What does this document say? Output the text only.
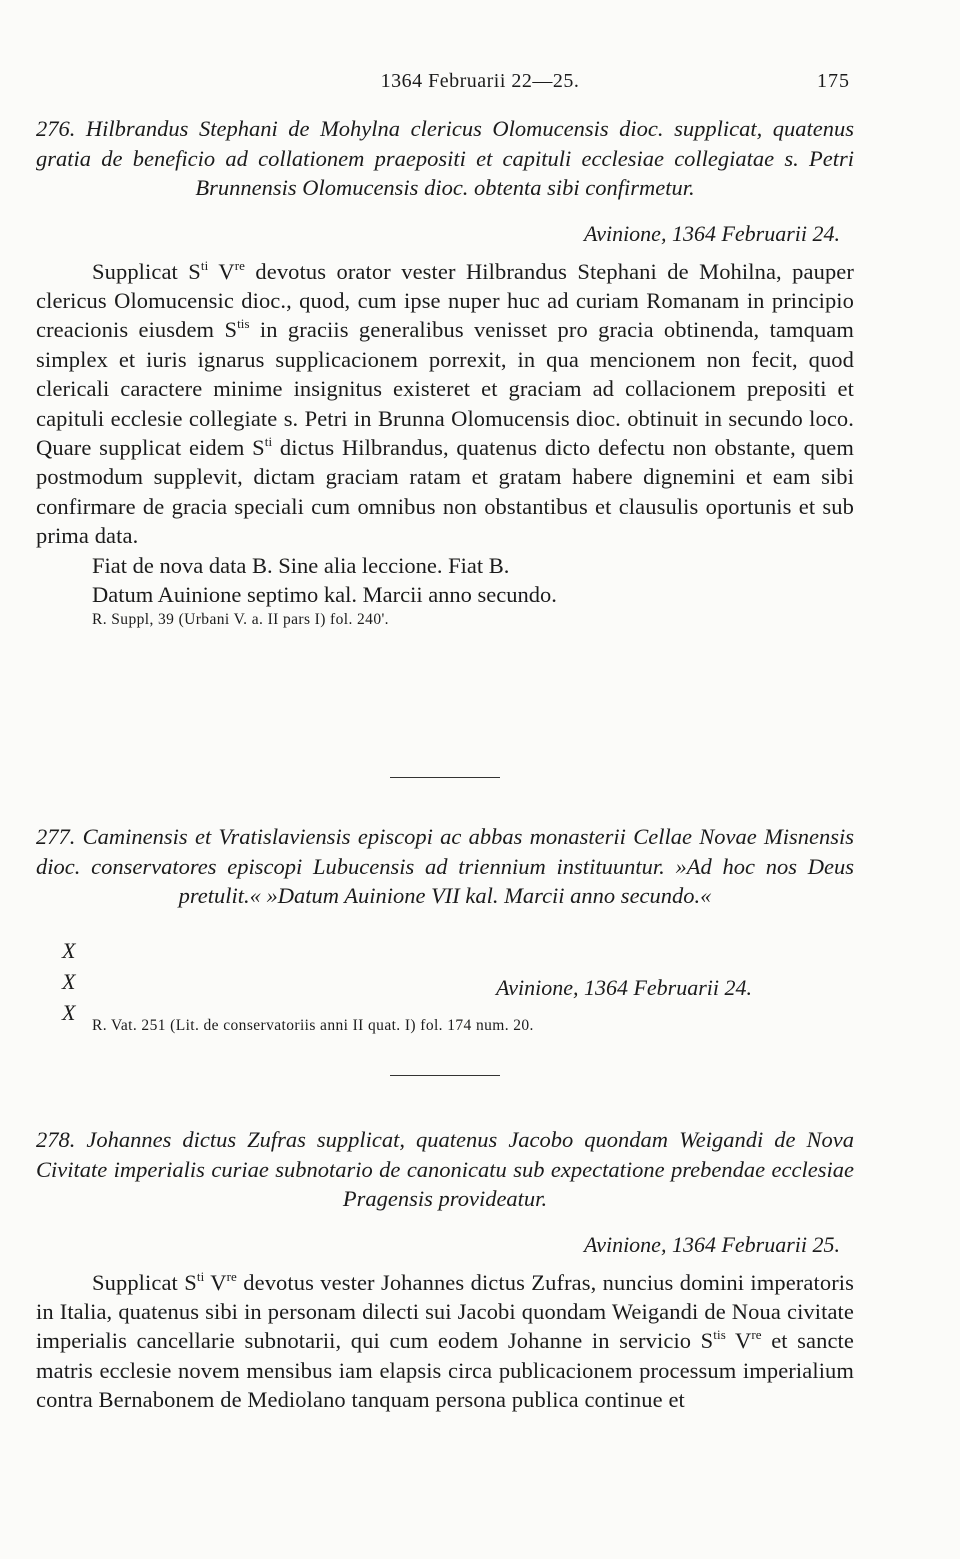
1364 Februarii 22—25.	175

276. Hilbrandus Stephani de Mohylna clericus Olomucensis dioc. supplicat, quatenus gratia de beneficio ad collationem praepositi et capituli ecclesiae collegiatae s. Petri Brunnensis Olomucensis dioc. obtenta sibi confirmetur.

Avinione, 1364 Februarii 24.

Supplicat $S^{ti}$ Vre devotus orator vester Hilbrandus Stephani de Mohilna, pauper clericus Olomucensic dioc., quod, cum ipse nuper huc ad curiam Romanam in principio creacionis eiusdem $S^{tis}$ in graciis generalibus venisset pro gracia obtinenda, tamquam simplex et iuris ignarus supplicacionem porrexit, in qua mencionem non fecit, quod clericali caractere minime insignitus existeret et graciam ad collacionem prepositi et capituli ecclesie collegiate s. Petri in Brunna Olomucensis dioc. obtinuit in secundo loco. Quare supplicat eidem $S^{ti}$ dictus Hilbrandus, quatenus dicto defectu non obstante, quem postmodum supplevit, dictam graciam ratam et gratam habere dignemini et eam sibi confirmare de gracia speciali cum omnibus non obstantibus et clausulis oportunis et sub prima data.

Fiat de nova data B. Sine alia leccione. Fiat B.

Datum Auinione septimo kal. Marcii anno secundo.

R. Suppl, 39 (Urbani V. a. II pars I) fol. 240'.

277. Caminensis et Vratislaviensis episcopi ac abbas monasterii Cellae Novae Misnensis dioc. conservatores episcopi Lubucensis ad triennium instituuntur. »Ad hoc nos Deus pretulit.« »Datum Auinione VII kal. Marcii anno secundo.«

X
X
X
Avinione, 1364 Februarii 24.

R. Vat. 251 (Lit. de conservatoriis anni II quat. I) fol. 174 num. 20.

278. Johannes dictus Zufras supplicat, quatenus Jacobo quondam Weigandi de Nova Civitate imperialis curiae subnotario de canonicatu sub expectatione prebendae ecclesiae Pragensis provideatur.

Avinione, 1364 Februarii 25.

Supplicat $S^{ti}$ Vre devotus vester Johannes dictus Zufras, nuncius domini imperatoris in Italia, quatenus sibi in personam dilecti sui Jacobi quondam Weigandi de Noua civitate imperialis cancellarie subnotarii, qui cum eodem Johanne in servicio $S^{tis}$ Vre et sancte matris ecclesie novem mensibus iam elapsis circa publicacionem processum imperialium contra Bernabonem de Mediolano tanquam persona publica continue et
